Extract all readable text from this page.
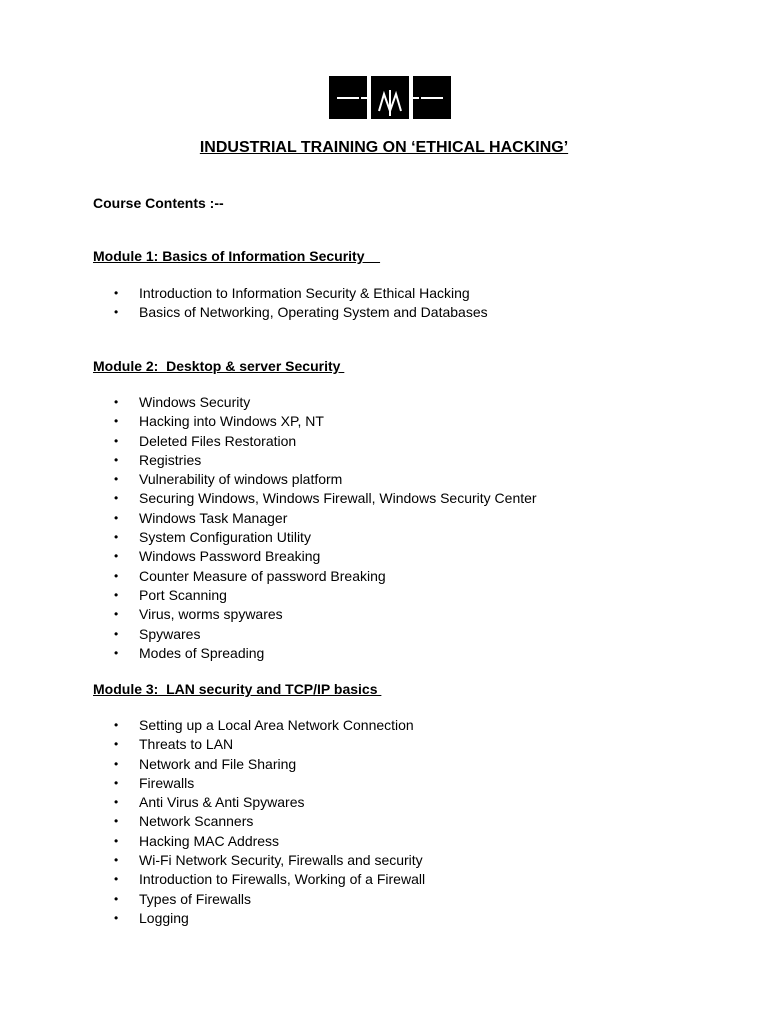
INDUSTRIAL TRAINING ON ‘ETHICAL HACKING’
Course Contents :--
Module 1: Basics of Information Security
• Introduction to Information Security & Ethical Hacking
• Basics of Networking, Operating System and Databases
Module 2:  Desktop & server Security
• Windows Security
• Hacking into Windows XP, NT
• Deleted Files Restoration
• Registries
• Vulnerability of windows platform
• Securing Windows, Windows Firewall, Windows Security Center
• Windows Task Manager
• System Configuration Utility
• Windows Password Breaking
• Counter Measure of password Breaking
• Port Scanning
• Virus, worms spywares
• Spywares
• Modes of Spreading
Module 3:  LAN security and TCP/IP basics
• Setting up a Local Area Network Connection
• Threats to LAN
• Network and File Sharing
• Firewalls
• Anti Virus & Anti Spywares
• Network Scanners
• Hacking MAC Address
• Wi-Fi Network Security, Firewalls and security
• Introduction to Firewalls, Working of a Firewall
• Types of Firewalls
• Logging
